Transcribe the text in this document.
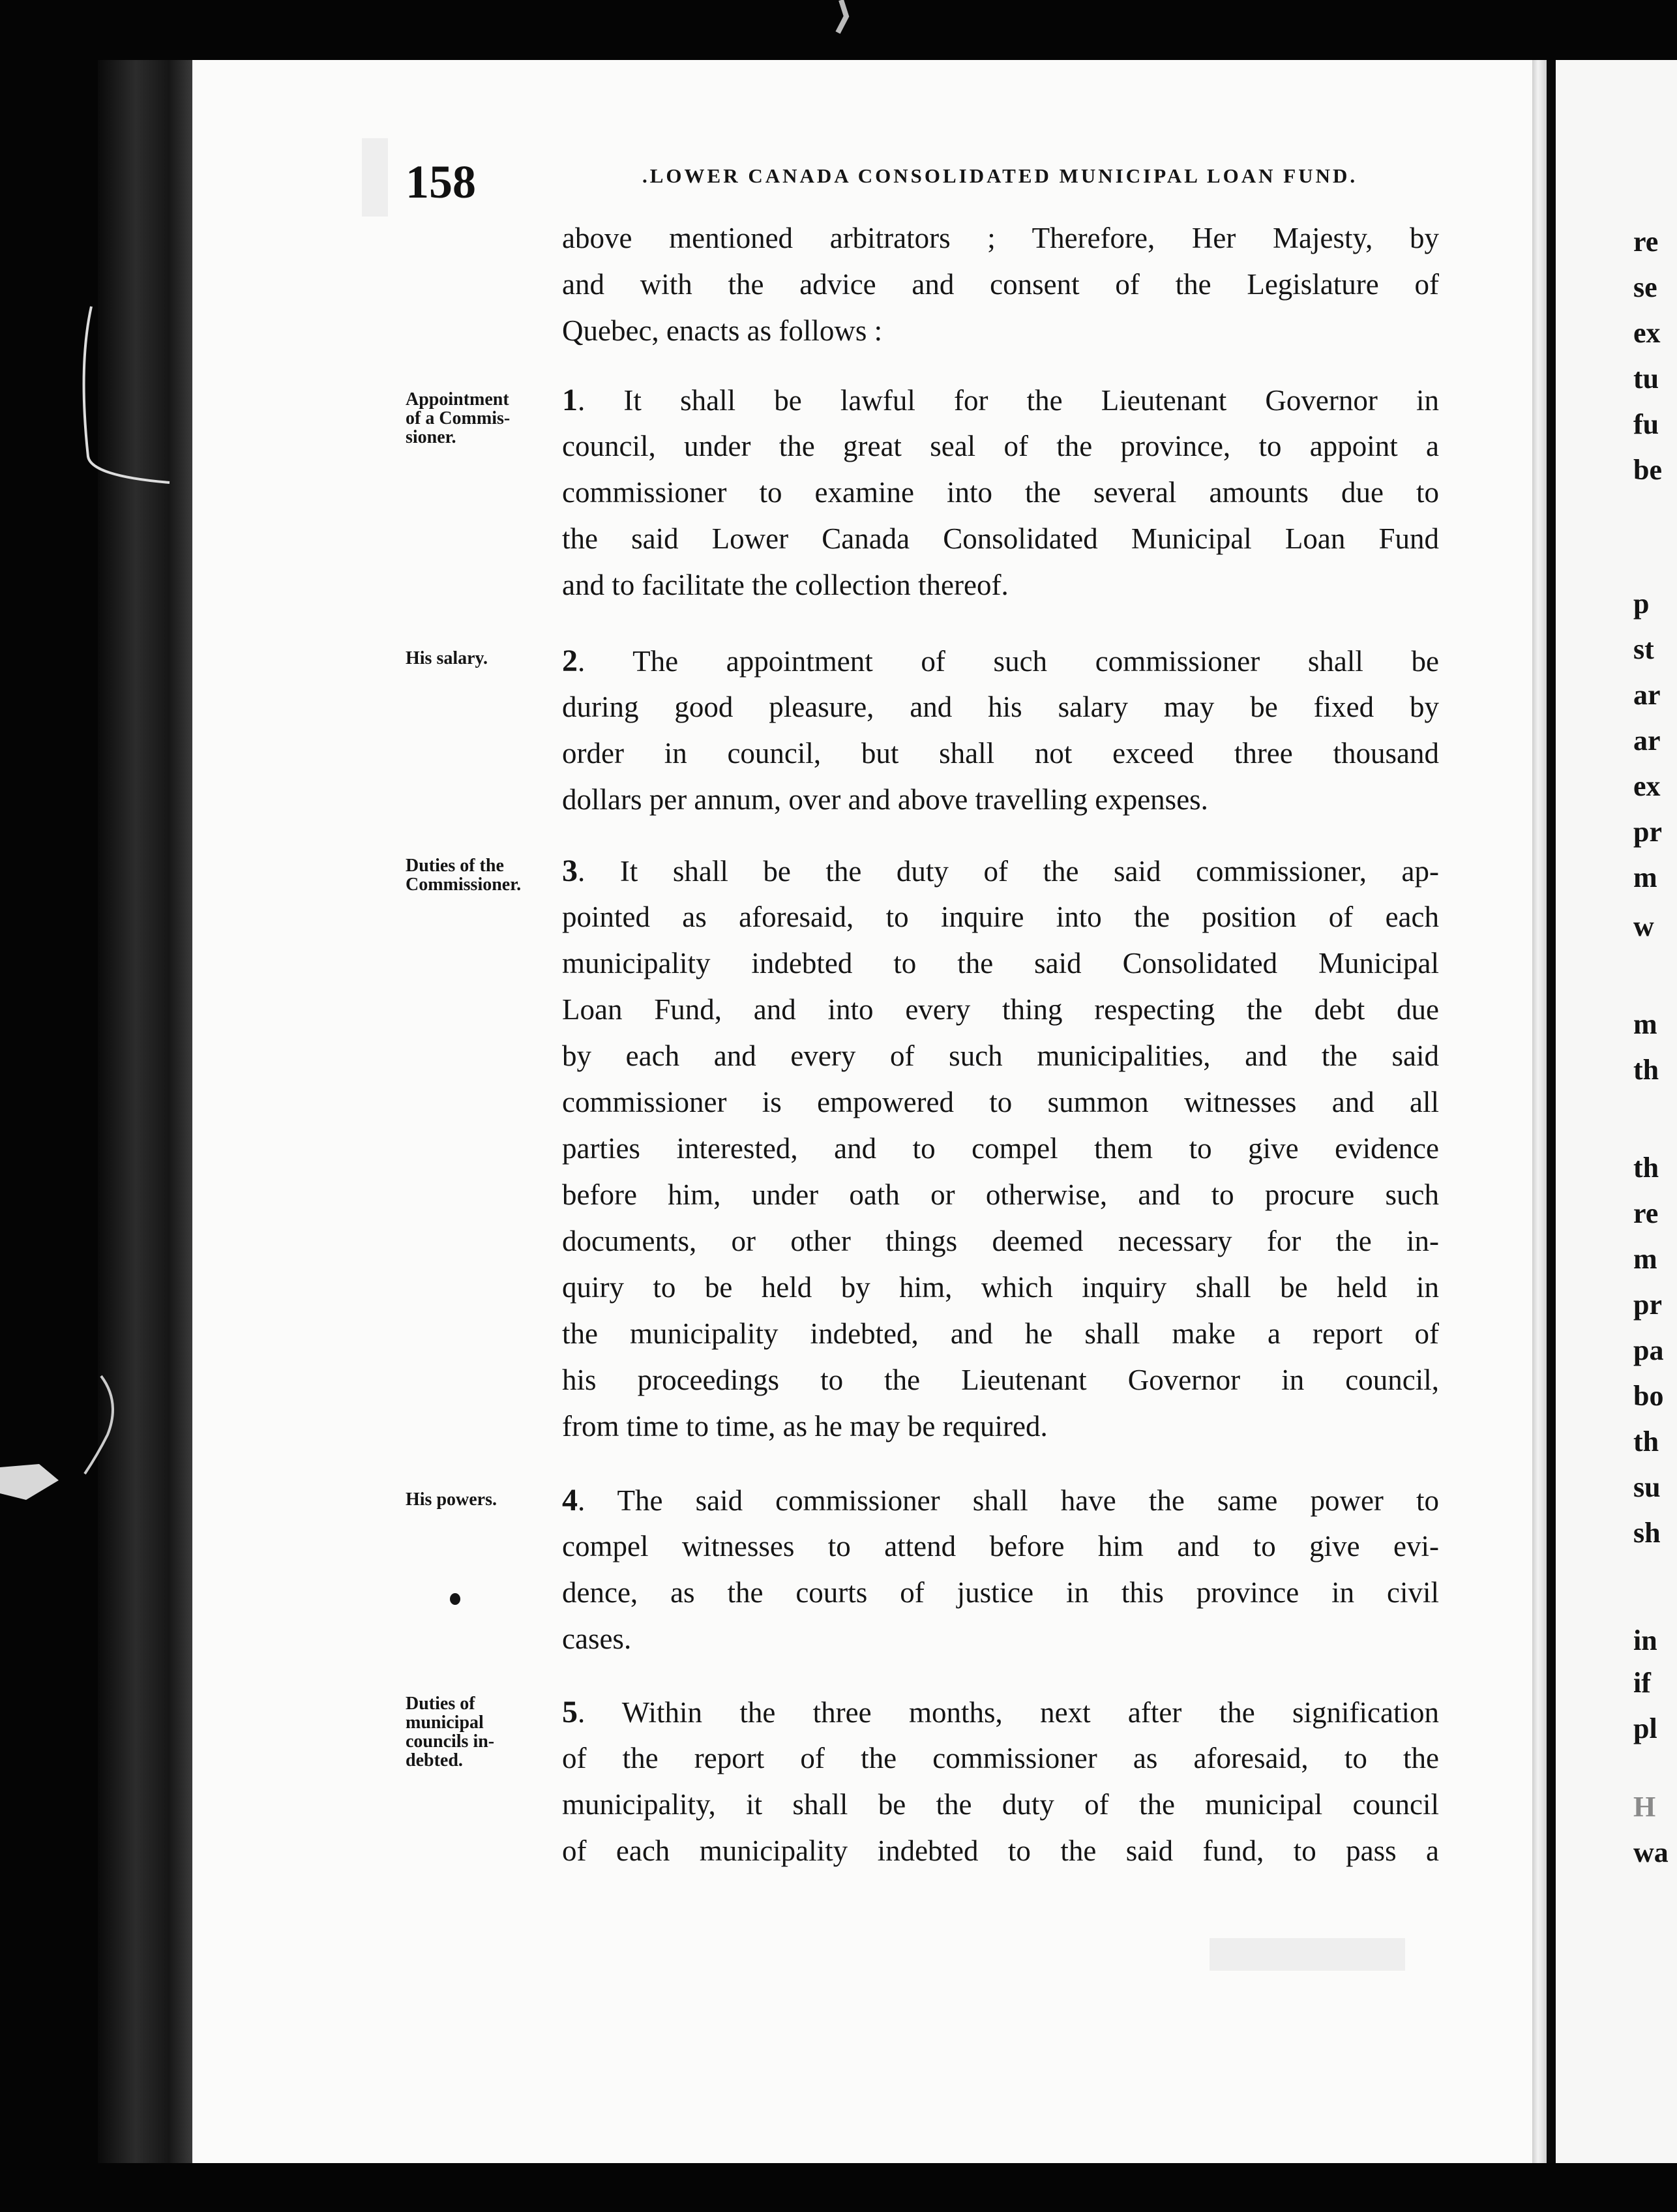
158	.LOWER CANADA CONSOLIDATED MUNICIPAL LOAN FUND.
above mentioned arbitrators ; Therefore, Her Majesty, by
and with the advice and consent of the Legislature of
Quebec, enacts as follows :
Appointment
of a Commis-
sioner.
1. It shall be lawful for the Lieutenant Governor in
council, under the great seal of the province, to appoint a
commissioner to examine into the several amounts due to
the said Lower Canada Consolidated Municipal Loan Fund
and to facilitate the collection thereof.
His salary.	2. The appointment of such commissioner shall be
during good pleasure, and his salary may be fixed by
order in council, but shall not exceed three thousand
dollars per annum, over and above travelling expenses.
Duties of the
Commissioner.	3. It shall be the duty of the said commissioner, ap-
pointed as aforesaid, to inquire into the position of each
municipality indebted to the said Consolidated Municipal
Loan Fund, and into every thing respecting the debt due
by each and every of such municipalities, and the said
commissioner is empowered to summon witnesses and all
parties interested, and to compel them to give evidence
before him, under oath or otherwise, and to procure such
documents, or other things deemed necessary for the in-
quiry to be held by him, which inquiry shall be held in
the municipality indebted, and he shall make a report of
his proceedings to the Lieutenant Governor in council,
from time to time, as he may be required.
His powers.	4. The said commissioner shall have the same power to
compel witnesses to attend before him and to give evi-
dence, as the courts of justice in this province in civil
cases.
Duties of
municipal
councils in-
debted.
5. Within the three months, next after the signification
of the report of the commissioner as aforesaid, to the
municipality, it shall be the duty of the municipal council
of each municipality indebted to the said fund, to pass a
re
se
ex
tu
fu
be
p
st
ar
ar
ex
pr
m
w
m
th
th
re
m
pr
pa
bo
th
su
sh
in
if
pl
H
wa
